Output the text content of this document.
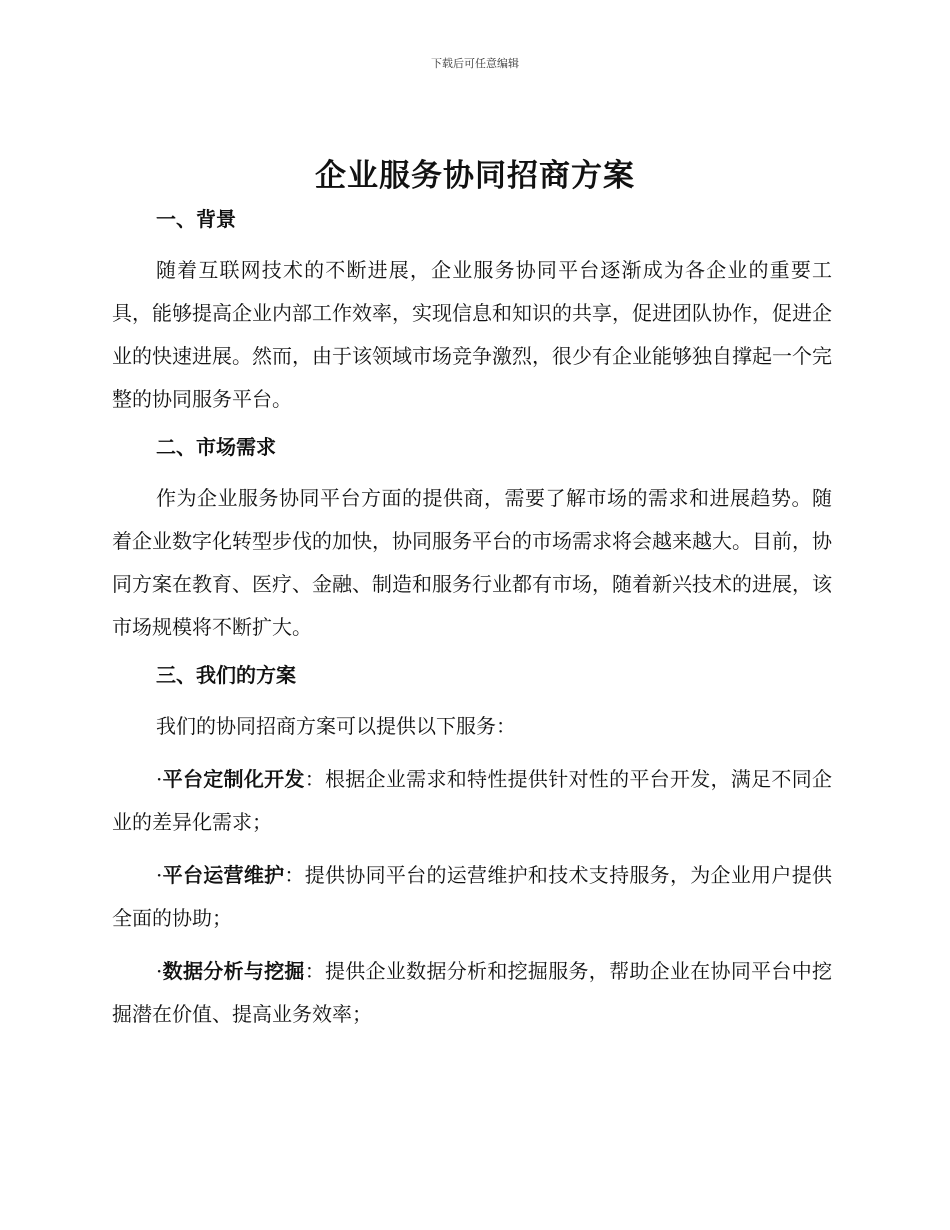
下载后可任意编辑
企业服务协同招商方案

一、背景

随着互联网技术的不断进展，企业服务协同平台逐渐成为各企业的重要工具，能够提高企业内部工作效率，实现信息和知识的共享，促进团队协作，促进企业的快速进展。然而，由于该领域市场竞争激烈，很少有企业能够独自撑起一个完整的协同服务平台。

二、市场需求

作为企业服务协同平台方面的提供商，需要了解市场的需求和进展趋势。随着企业数字化转型步伐的加快，协同服务平台的市场需求将会越来越大。目前，协同方案在教育、医疗、金融、制造和服务行业都有市场，随着新兴技术的进展，该市场规模将不断扩大。

三、我们的方案

我们的协同招商方案可以提供以下服务：

·平台定制化开发：根据企业需求和特性提供针对性的平台开发，满足不同企业的差异化需求；

·平台运营维护：提供协同平台的运营维护和技术支持服务，为企业用户提供全面的协助；

·数据分析与挖掘：提供企业数据分析和挖掘服务，帮助企业在协同平台中挖掘潜在价值、提高业务效率；
